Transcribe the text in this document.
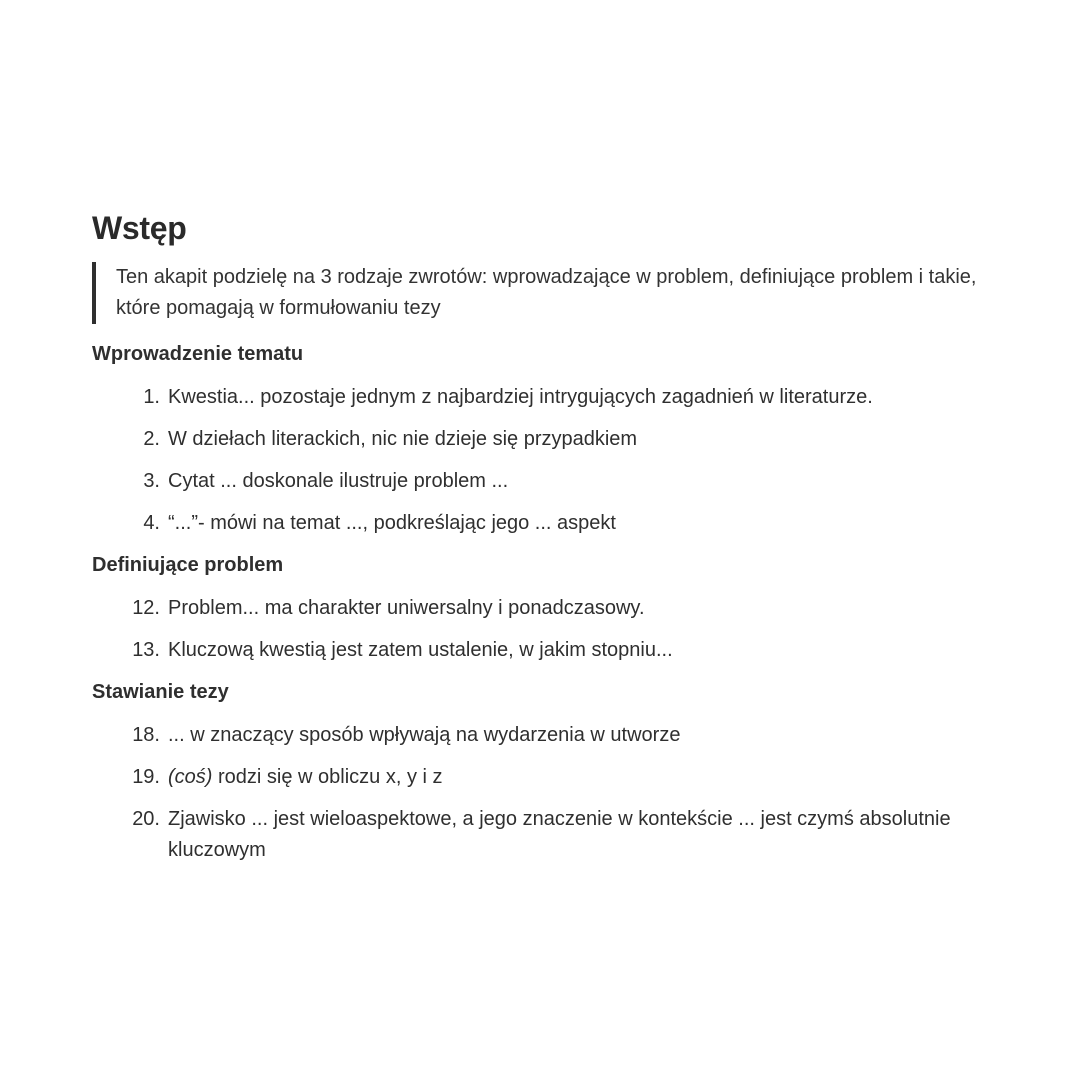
Wstęp
Ten akapit podzielę na 3 rodzaje zwrotów: wprowadzające w problem, definiujące problem i takie, które pomagają w formułowaniu tezy
Wprowadzenie tematu
1. Kwestia... pozostaje jednym z najbardziej intrygujących zagadnień w literaturze.
2. W dziełach literackich, nic nie dzieje się przypadkiem
3. Cytat ... doskonale ilustruje problem ...
4. “...”- mówi na temat ..., podkreślając jego ... aspekt
Definiujące problem
12. Problem... ma charakter uniwersalny i ponadczasowy.
13. Kluczową kwestią jest zatem ustalenie, w jakim stopniu...
Stawianie tezy
18. ... w znaczący sposób wpływają na wydarzenia w utworze
19. (coś) rodzi się w obliczu x, y i z
20. Zjawisko ... jest wieloaspektowe, a jego znaczenie w kontekście ... jest czymś absolutnie kluczowym
